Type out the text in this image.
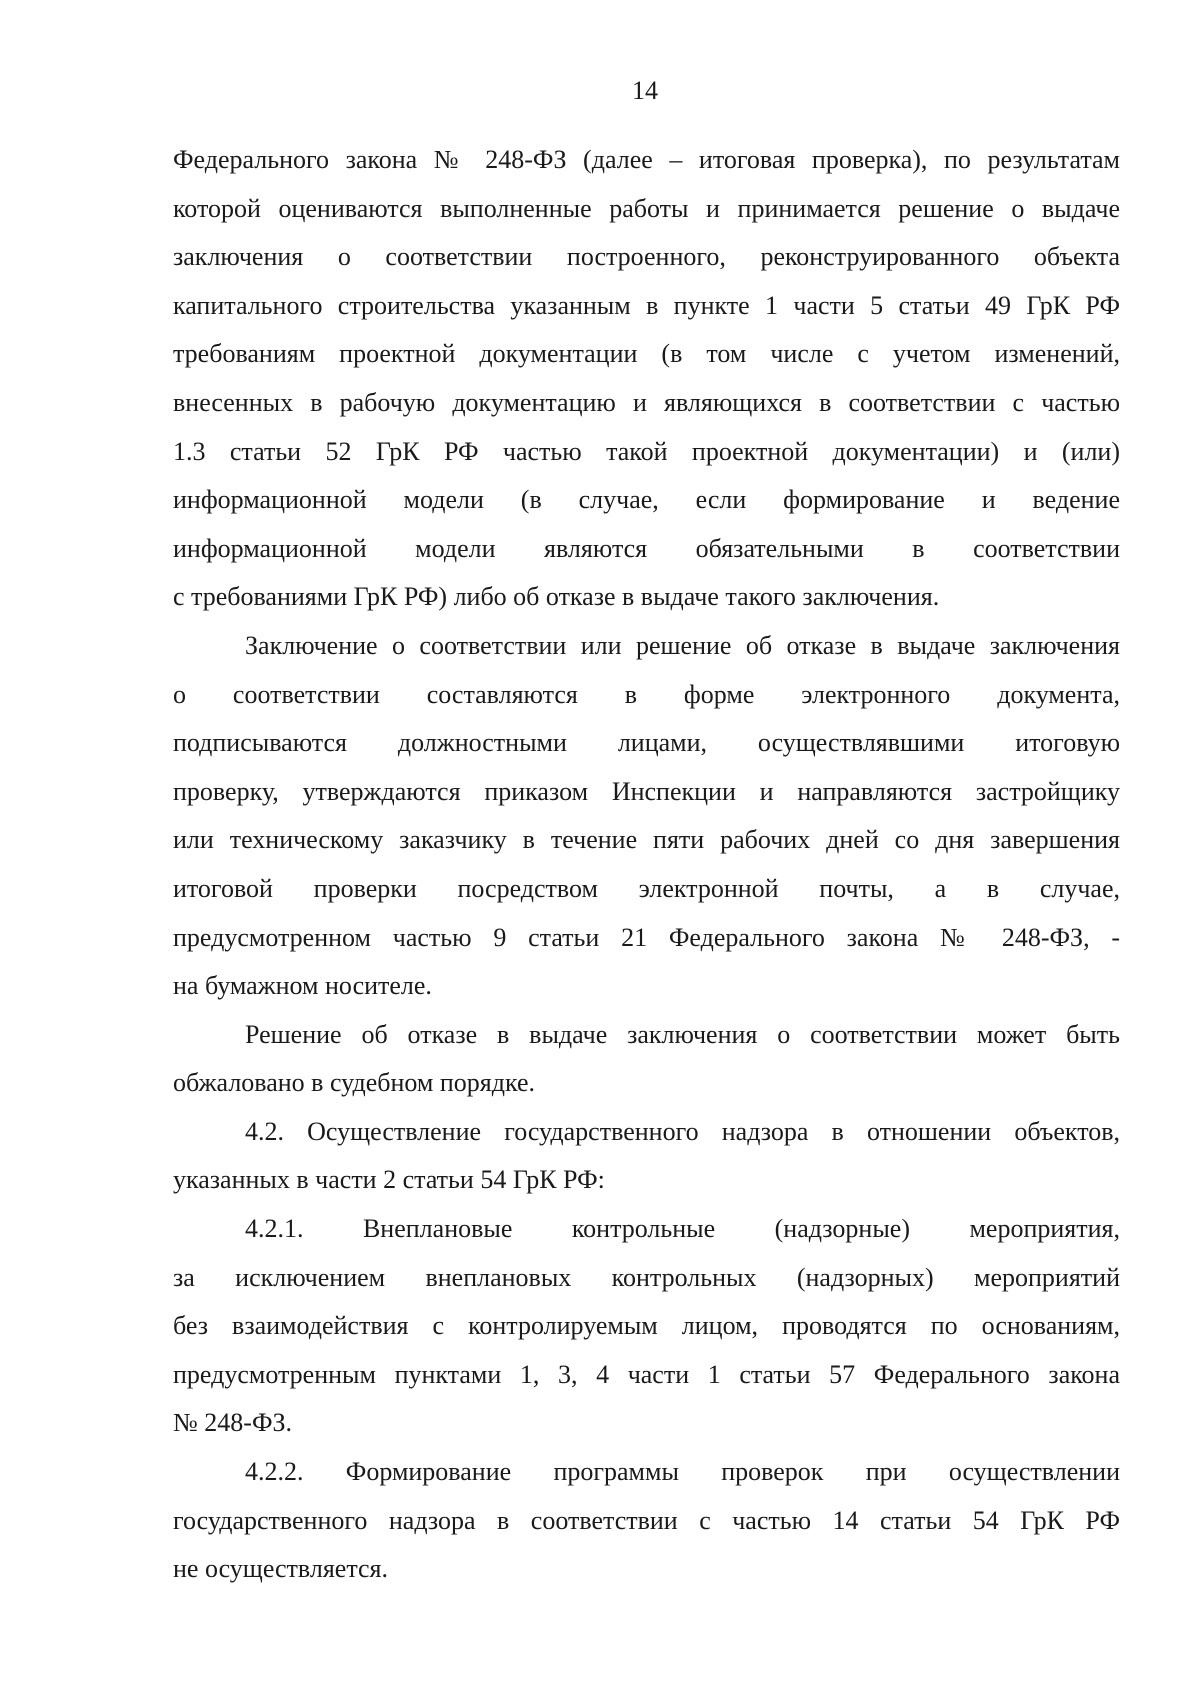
14
Федерального закона № 248-ФЗ (далее – итоговая проверка), по результатам
которой оцениваются выполненные работы и принимается решение о выдаче
заключения о соответствии построенного, реконструированного объекта
капитального строительства указанным в пункте 1 части 5 статьи 49 ГрК РФ
требованиям проектной документации (в том числе с учетом изменений,
внесенных в рабочую документацию и являющихся в соответствии с частью
1.3 статьи 52 ГрК РФ частью такой проектной документации) и (или)
информационной модели (в случае, если формирование и ведение
информационной модели являются обязательными в соответствии
с требованиями ГрК РФ) либо об отказе в выдаче такого заключения.
Заключение о соответствии или решение об отказе в выдаче заключения
о соответствии составляются в форме электронного документа,
подписываются должностными лицами, осуществлявшими итоговую
проверку, утверждаются приказом Инспекции и направляются застройщику
или техническому заказчику в течение пяти рабочих дней со дня завершения
итоговой проверки посредством электронной почты, а в случае,
предусмотренном частью 9 статьи 21 Федерального закона № 248-ФЗ, -
на бумажном носителе.
Решение об отказе в выдаче заключения о соответствии может быть
обжаловано в судебном порядке.
4.2. Осуществление государственного надзора в отношении объектов,
указанных в части 2 статьи 54 ГрК РФ:
4.2.1. Внеплановые контрольные (надзорные) мероприятия,
за исключением внеплановых контрольных (надзорных) мероприятий
без взаимодействия с контролируемым лицом, проводятся по основаниям,
предусмотренным пунктами 1, 3, 4 части 1 статьи 57 Федерального закона
№ 248-ФЗ.
4.2.2. Формирование программы проверок при осуществлении
государственного надзора в соответствии с частью 14 статьи 54 ГрК РФ
не осуществляется.
